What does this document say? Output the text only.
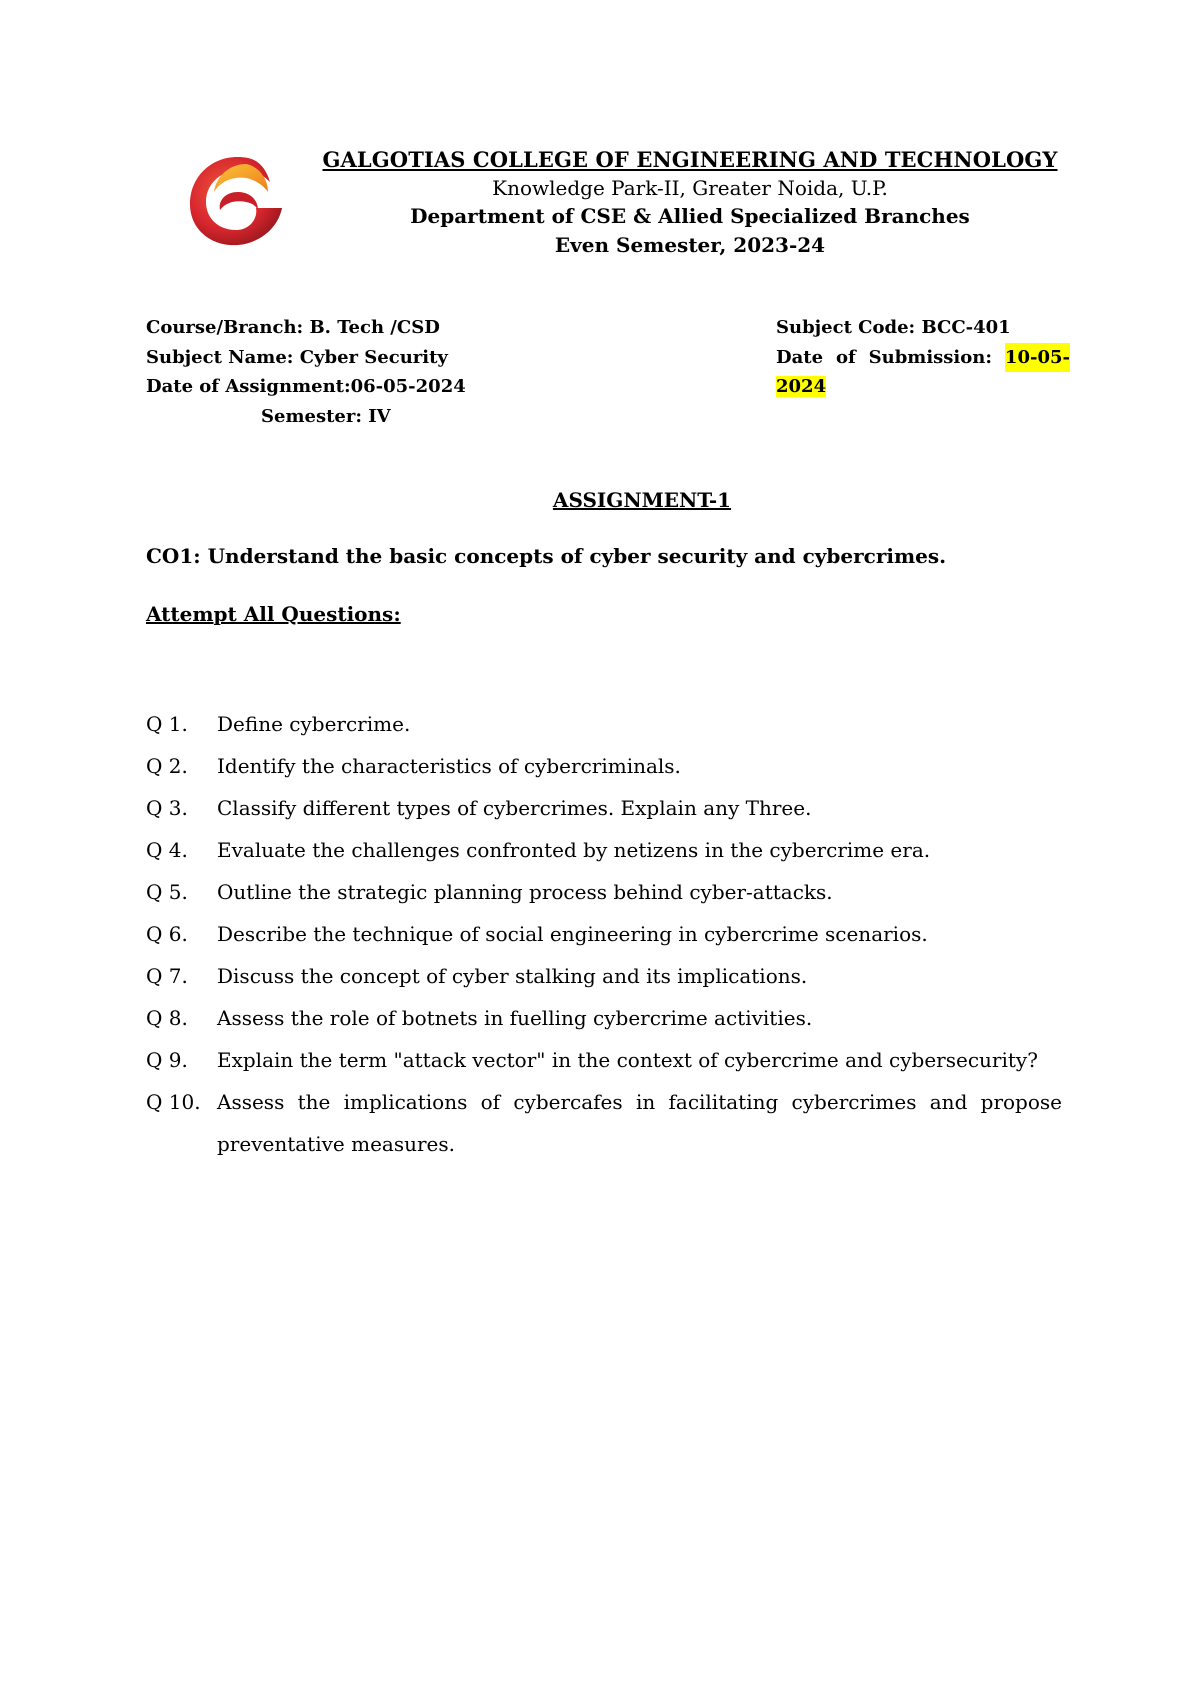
GALGOTIAS COLLEGE OF ENGINEERING AND TECHNOLOGY
Knowledge Park-II, Greater Noida, U.P.
Department of CSE & Allied Specialized Branches
Even Semester, 2023-24
Course/Branch: B. Tech /CSD
Subject Name: Cyber Security
Date of Assignment:06-05-2024
Semester: IV
Subject Code: BCC-401
Date of Submission: 10-05-
2024
ASSIGNMENT-1
CO1: Understand the basic concepts of cyber security and cybercrimes.
Attempt All Questions:
Q 1.	Define cybercrime.
Q 2.	Identify the characteristics of cybercriminals.
Q 3.	Classify different types of cybercrimes. Explain any Three.
Q 4.	Evaluate the challenges confronted by netizens in the cybercrime era.
Q 5.	Outline the strategic planning process behind cyber-attacks.
Q 6.	Describe the technique of social engineering in cybercrime scenarios.
Q 7.	Discuss the concept of cyber stalking and its implications.
Q 8.	Assess the role of botnets in fuelling cybercrime activities.
Q 9.	Explain the term "attack vector" in the context of cybercrime and cybersecurity?
Q 10. Assess the implications of cybercafes in facilitating cybercrimes and propose preventative measures.
